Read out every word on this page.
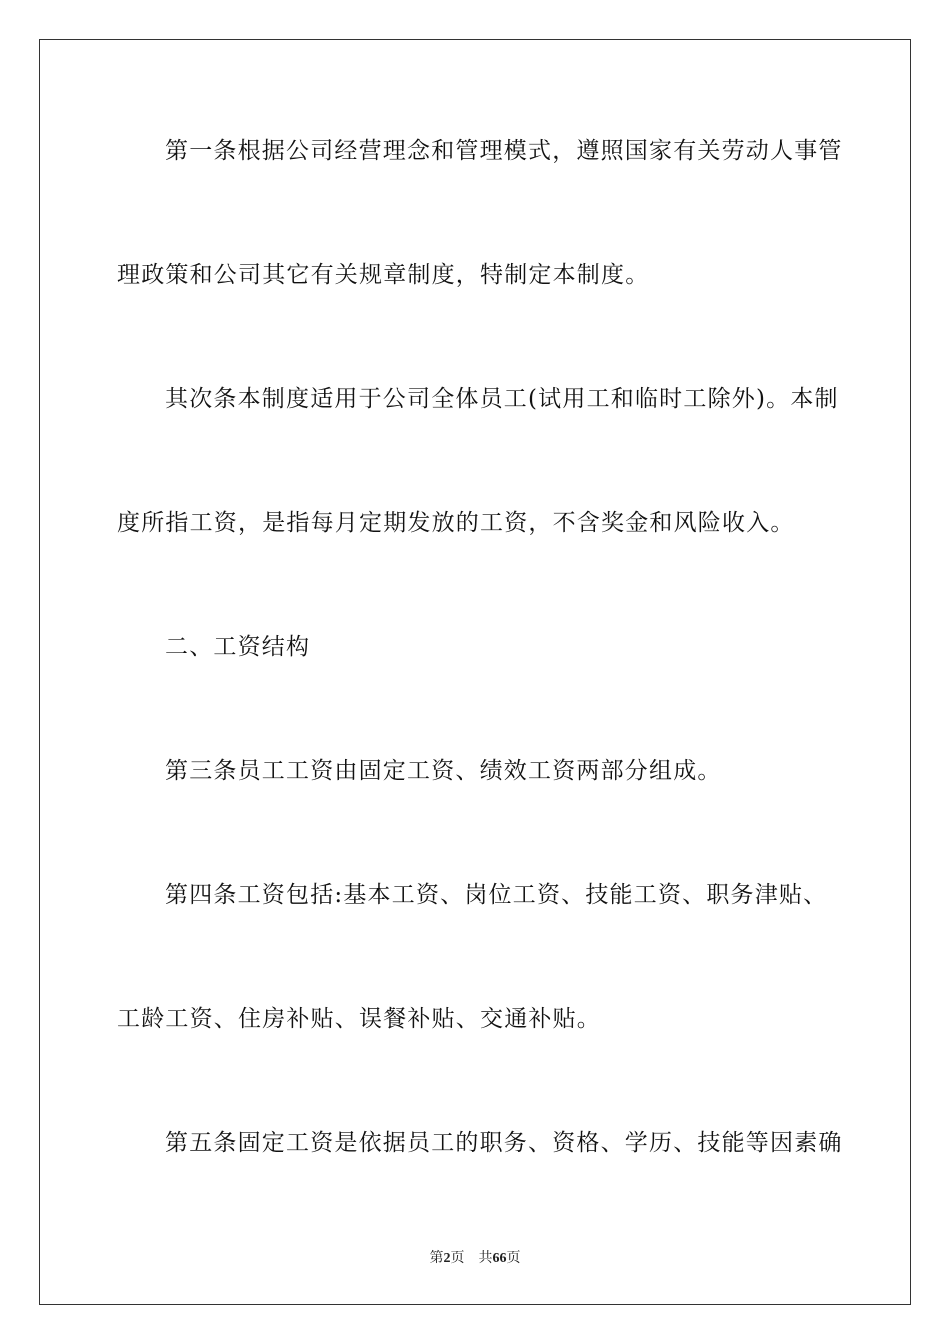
第一条根据公司经营理念和管理模式，遵照国家有关劳动人事管
理政策和公司其它有关规章制度，特制定本制度。
其次条本制度适用于公司全体员工(试用工和临时工除外)。本制
度所指工资，是指每月定期发放的工资，不含奖金和风险收入。
二、工资结构
第三条员工工资由固定工资、绩效工资两部分组成。
第四条工资包括:基本工资、岗位工资、技能工资、职务津贴、
工龄工资、住房补贴、误餐补贴、交通补贴。
第五条固定工资是依据员工的职务、资格、学历、技能等因素确
第2页 共66页
